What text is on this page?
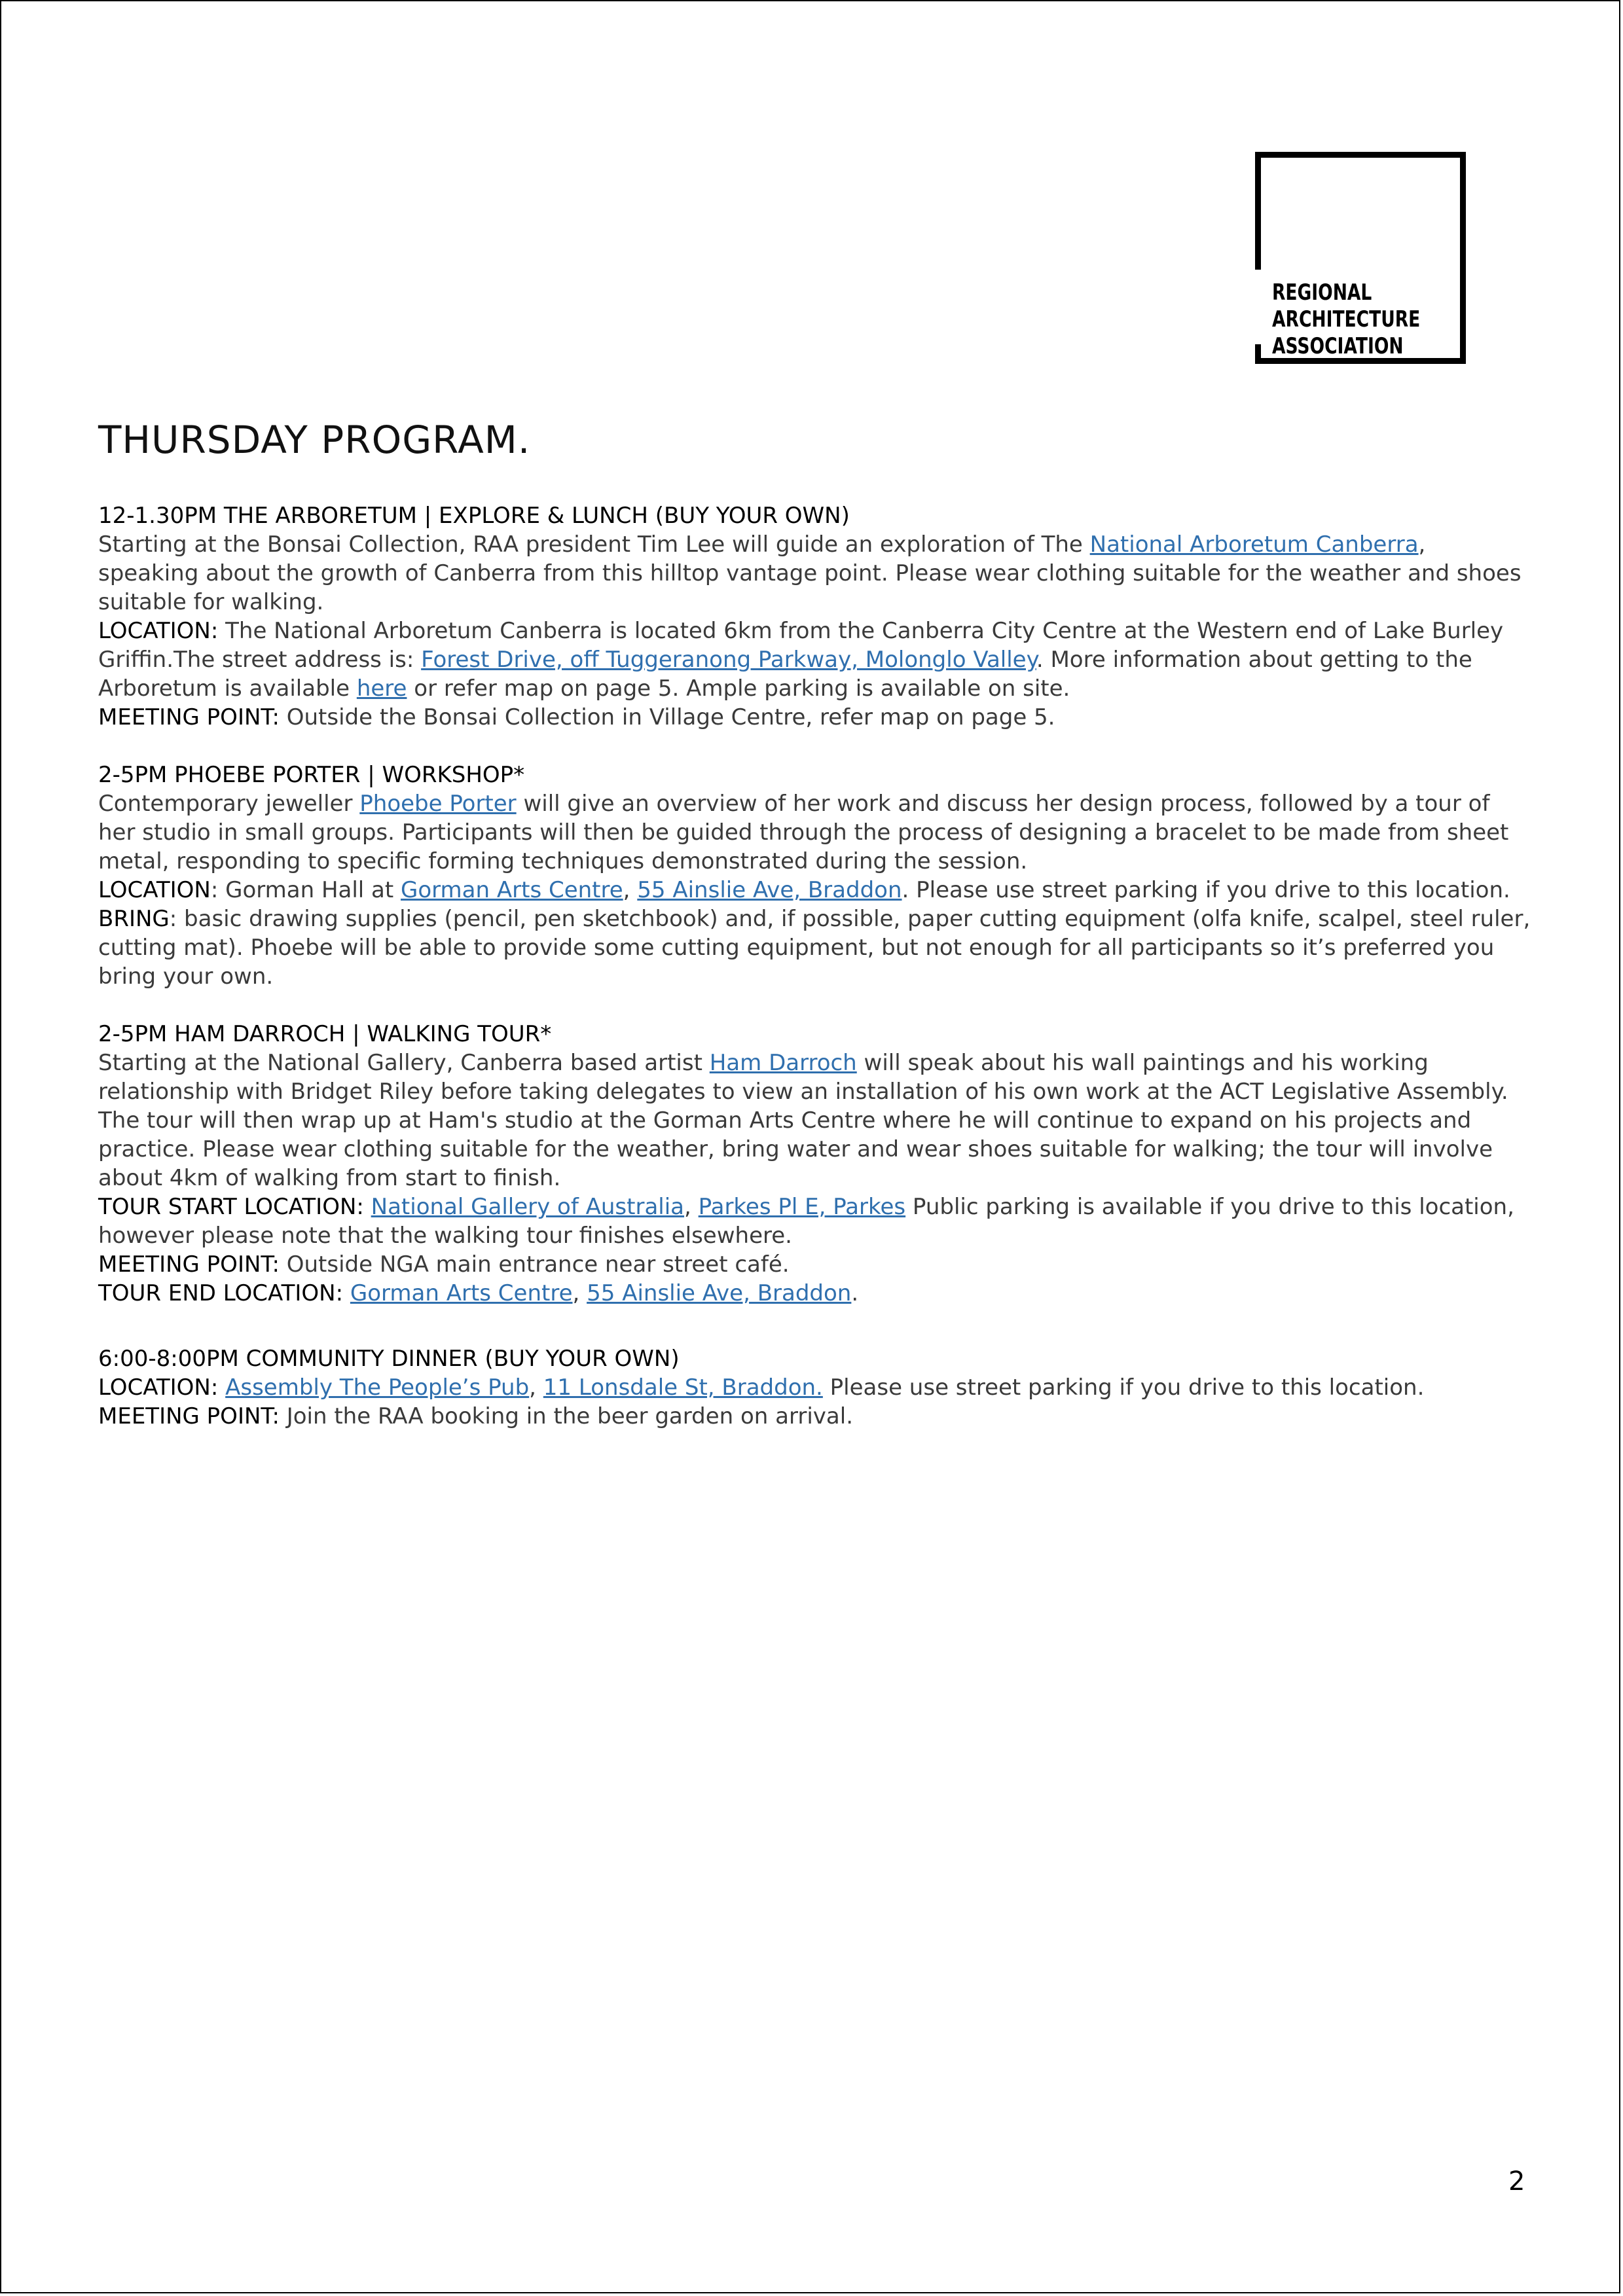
REGIONAL
ARCHITECTURE
ASSOCIATION
THURSDAY PROGRAM.

12-1.30PM THE ARBORETUM | EXPLORE & LUNCH (BUY YOUR OWN)

Starting at the Bonsai Collection, RAA president Tim Lee will guide an exploration of The National Arboretum Canberra, speaking about the growth of Canberra from this hilltop vantage point. Please wear clothing suitable for the weather and shoes suitable for walking.

LOCATION: The National Arboretum Canberra is located 6km from the Canberra City Centre at the Western end of Lake Burley Griffin.The street address is: Forest Drive, off Tuggeranong Parkway, Molonglo Valley. More information about getting to the Arboretum is available here or refer map on page 5. Ample parking is available on site.

MEETING POINT: Outside the Bonsai Collection in Village Centre, refer map on page 5.

2-5PM PHOEBE PORTER | WORKSHOP*

Contemporary jeweller Phoebe Porter will give an overview of her work and discuss her design process, followed by a tour of her studio in small groups. Participants will then be guided through the process of designing a bracelet to be made from sheet metal, responding to specific forming techniques demonstrated during the session.

LOCATION: Gorman Hall at Gorman Arts Centre, 55 Ainslie Ave, Braddon. Please use street parking if you drive to this location.

BRING: basic drawing supplies (pencil, pen sketchbook) and, if possible, paper cutting equipment (olfa knife, scalpel, steel ruler, cutting mat). Phoebe will be able to provide some cutting equipment, but not enough for all participants so it’s preferred you bring your own.

2-5PM HAM DARROCH | WALKING TOUR*

Starting at the National Gallery, Canberra based artist Ham Darroch will speak about his wall paintings and his working relationship with Bridget Riley before taking delegates to view an installation of his own work at the ACT Legislative Assembly. The tour will then wrap up at Ham's studio at the Gorman Arts Centre where he will continue to expand on his projects and practice. Please wear clothing suitable for the weather, bring water and wear shoes suitable for walking; the tour will involve about 4km of walking from start to finish.

TOUR START LOCATION: National Gallery of Australia, Parkes Pl E, Parkes Public parking is available if you drive to this location, however please note that the walking tour finishes elsewhere.

MEETING POINT: Outside NGA main entrance near street café.

TOUR END LOCATION: Gorman Arts Centre, 55 Ainslie Ave, Braddon.

6:00-8:00PM COMMUNITY DINNER (BUY YOUR OWN)

LOCATION: Assembly The People’s Pub, 11 Lonsdale St, Braddon. Please use street parking if you drive to this location.

MEETING POINT: Join the RAA booking in the beer garden on arrival.

2
